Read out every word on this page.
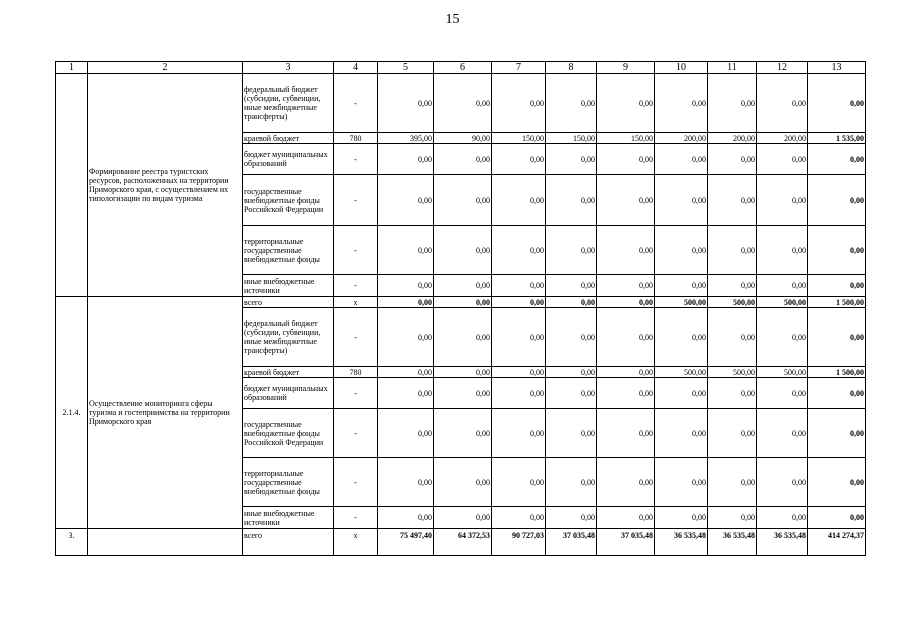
15
1	2	3	4	5	6	7	8	9	10	11	12	13
	Формирование реестра туристских ресурсов, расположенных на территории Приморского края, с осуществлением их типологизации по видам туризма	федеральный бюджет (субсидии, субвенции, иные межбюджетные трансферты)	-	0,00	0,00	0,00	0,00	0,00	0,00	0,00	0,00	0,00
		краевой бюджет	780	395,00	90,00	150,00	150,00	150,00	200,00	200,00	200,00	1 535,00
		бюджет муниципальных образований	-	0,00	0,00	0,00	0,00	0,00	0,00	0,00	0,00	0,00
		государственные внебюджетные фонды Российской Федерации	-	0,00	0,00	0,00	0,00	0,00	0,00	0,00	0,00	0,00
		территориальные государственные внебюджетные фонды	-	0,00	0,00	0,00	0,00	0,00	0,00	0,00	0,00	0,00
		иные внебюджетные источники	-	0,00	0,00	0,00	0,00	0,00	0,00	0,00	0,00	0,00
2.1.4.	Осуществление мониторинга сферы туризма и гостеприимства на территории Приморского края	всего	х	0,00	0,00	0,00	0,00	0,00	500,00	500,00	500,00	1 500,00
		федеральный бюджет (субсидии, субвенции, иные межбюджетные трансферты)	-	0,00	0,00	0,00	0,00	0,00	0,00	0,00	0,00	0,00
		краевой бюджет	780	0,00	0,00	0,00	0,00	0,00	500,00	500,00	500,00	1 500,00
		бюджет муниципальных образований	-	0,00	0,00	0,00	0,00	0,00	0,00	0,00	0,00	0,00
		государственные внебюджетные фонды Российской Федерации	-	0,00	0,00	0,00	0,00	0,00	0,00	0,00	0,00	0,00
		территориальные государственные внебюджетные фонды	-	0,00	0,00	0,00	0,00	0,00	0,00	0,00	0,00	0,00
		иные внебюджетные источники	-	0,00	0,00	0,00	0,00	0,00	0,00	0,00	0,00	0,00
3.		всего	х	75 497,40	64 372,53	90 727,03	37 035,48	37 035,48	36 535,48	36 535,48	36 535,48	414 274,37
